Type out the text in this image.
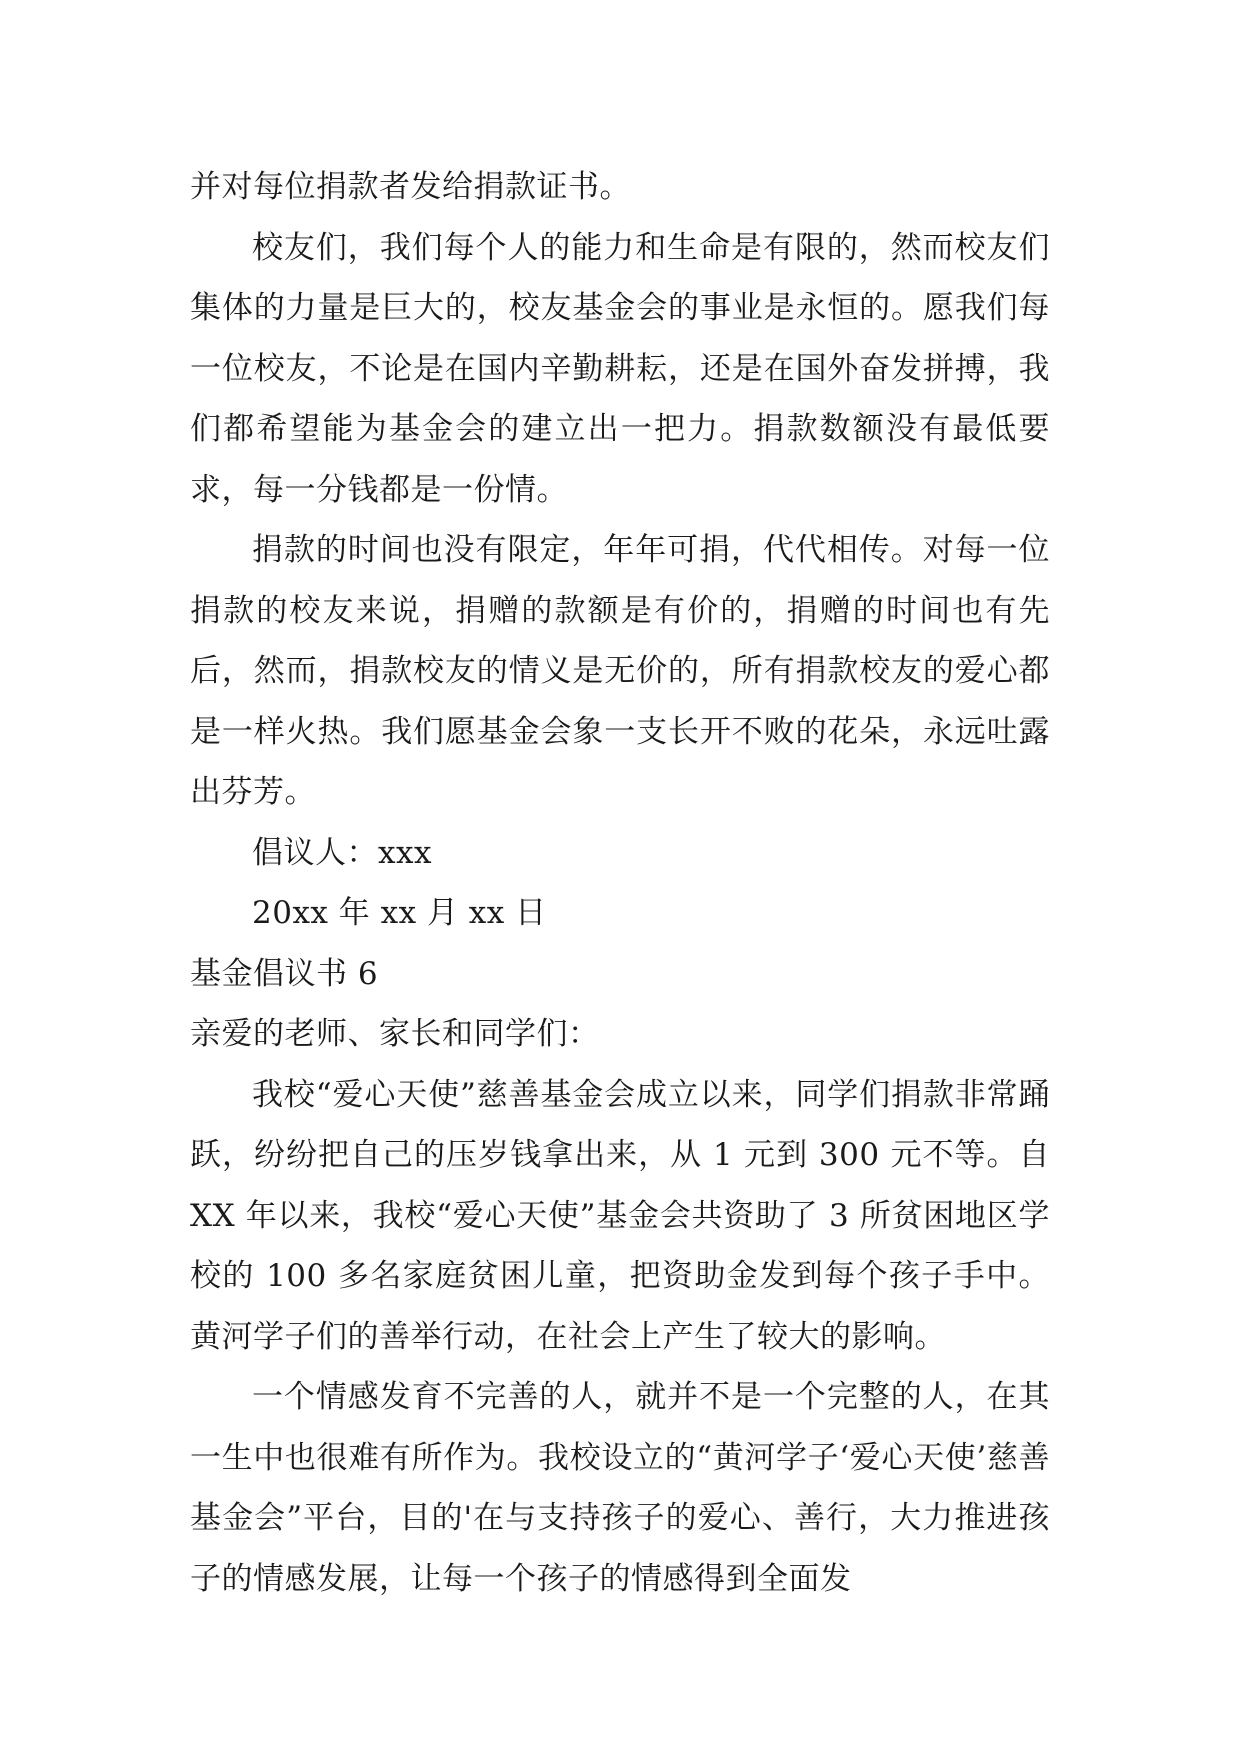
并对每位捐款者发给捐款证书。

校友们，我们每个人的能力和生命是有限的，然而校友们集体的力量是巨大的，校友基金会的事业是永恒的。愿我们每一位校友，不论是在国内辛勤耕耘，还是在国外奋发拼搏，我们都希望能为基金会的建立出一把力。捐款数额没有最低要求，每一分钱都是一份情。

捐款的时间也没有限定，年年可捐，代代相传。对每一位捐款的校友来说，捐赠的款额是有价的，捐赠的时间也有先后，然而，捐款校友的情义是无价的，所有捐款校友的爱心都是一样火热。我们愿基金会象一支长开不败的花朵，永远吐露出芬芳。

倡议人：xxx

20xx 年 xx 月 xx 日

基金倡议书 6

亲爱的老师、家长和同学们：

我校“爱心天使”慈善基金会成立以来，同学们捐款非常踊跃，纷纷把自己的压岁钱拿出来，从 1 元到 300 元不等。自 XX 年以来，我校“爱心天使”基金会共资助了 3 所贫困地区学校的 100 多名家庭贫困儿童，把资助金发到每个孩子手中。黄河学子们的善举行动，在社会上产生了较大的影响。

一个情感发育不完善的人，就并不是一个完整的人，在其一生中也很难有所作为。我校设立的“黄河学子‘爱心天使’慈善基金会”平台，目的'在与支持孩子的爱心、善行，大力推进孩子的情感发展，让每一个孩子的情感得到全面发
